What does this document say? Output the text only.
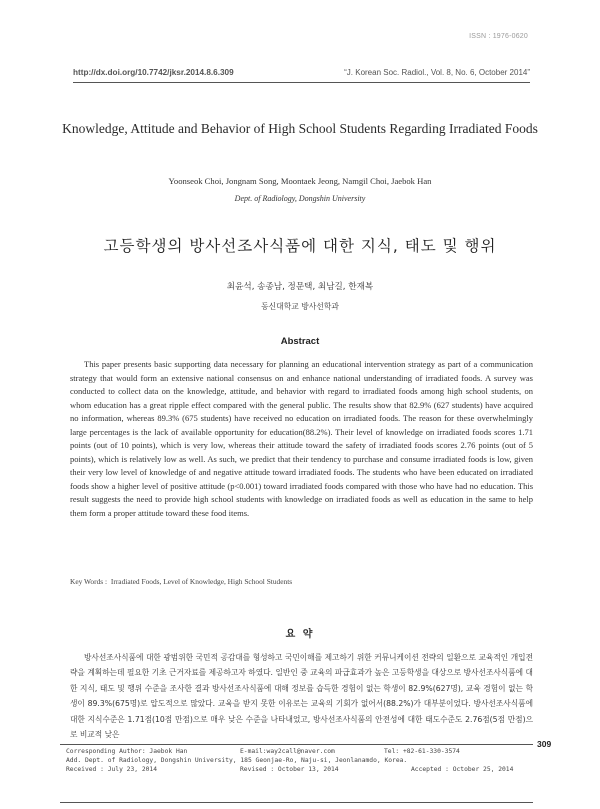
ISSN : 1976-0620
http://dx.doi.org/10.7742/jksr.2014.8.6.309	“J. Korean Soc. Radiol., Vol. 8, No. 6, October 2014”
Knowledge, Attitude and Behavior of High School Students Regarding Irradiated Foods
Yoonseok Choi, Jongnam Song, Moontaek Jeong, Namgil Choi, Jaebok Han
Dept. of Radiology, Dongshin University
고등학생의 방사선조사식품에 대한 지식, 태도 및 행위
최윤석, 송종남, 정문택, 최남길, 한재복
동신대학교 방사선학과
Abstract
This paper presents basic supporting data necessary for planning an educational intervention strategy as part of a communication strategy that would form an extensive national consensus on and enhance national understanding of irradiated foods. A survey was conducted to collect data on the knowledge, attitude, and behavior with regard to irradiated foods among high school students, on whom education has a great ripple effect compared with the general public. The results show that 82.9% (627 students) have acquired no information, whereas 89.3% (675 students) have received no education on irradiated foods. The reason for these overwhelmingly large percentages is the lack of available opportunity for education(88.2%). Their level of knowledge on irradiated foods scores 1.71 points (out of 10 points), which is very low, whereas their attitude toward the safety of irradiated foods scores 2.76 points (out of 5 points), which is relatively low as well. As such, we predict that their tendency to purchase and consume irradiated foods is low, given their very low level of knowledge of and negative attitude toward irradiated foods. The students who have been educated on irradiated foods show a higher level of positive attitude (p<0.001) toward irradiated foods compared with those who have had no education. This result suggests the need to provide high school students with knowledge on irradiated foods as well as education in the same to help them form a proper attitude toward these food items.
Key Words : Irradiated Foods, Level of Knowledge, High School Students
요 약
방사선조사식품에 대한 광범위한 국민적 공감대를 형성하고 국민이해를 제고하기 위한 커뮤니케이션 전략의 일환으로 교육적인 개입전략을 계획하는데 필요한 기초 근거자료를 제공하고자 하였다. 일반인 중 교육의 파급효과가 높은 고등학생을 대상으로 방사선조사식품에 대한 지식, 태도 및 행위 수준을 조사한 결과 방사선조사식품에 대해 정보를 습득한 경험이 없는 학생이 82.9%(627명), 교육 경험이 없는 학생이 89.3%(675명)로 압도적으로 많았다. 교육을 받지 못한 이유로는 교육의 기회가 없어서(88.2%)가 대부분이었다. 방사선조사식품에 대한 지식수준은 1.71점(10점 만점)으로 매우 낮은 수준을 나타내었고, 방사선조사식품의 안전성에 대한 태도수준도 2.76점(5점 만점)으로 비교적 낮은
309
Corresponding Author: Jaebok Han	E-mail:way2call@naver.com	Tel: +82-61-330-3574
Add. Dept. of Radiology, Dongshin University, 185 Geonjae-Ro, Naju-si, Jeonlanamdo, Korea.
Received : July 23, 2014	Revised : October 13, 2014	Accepted : October 25, 2014
